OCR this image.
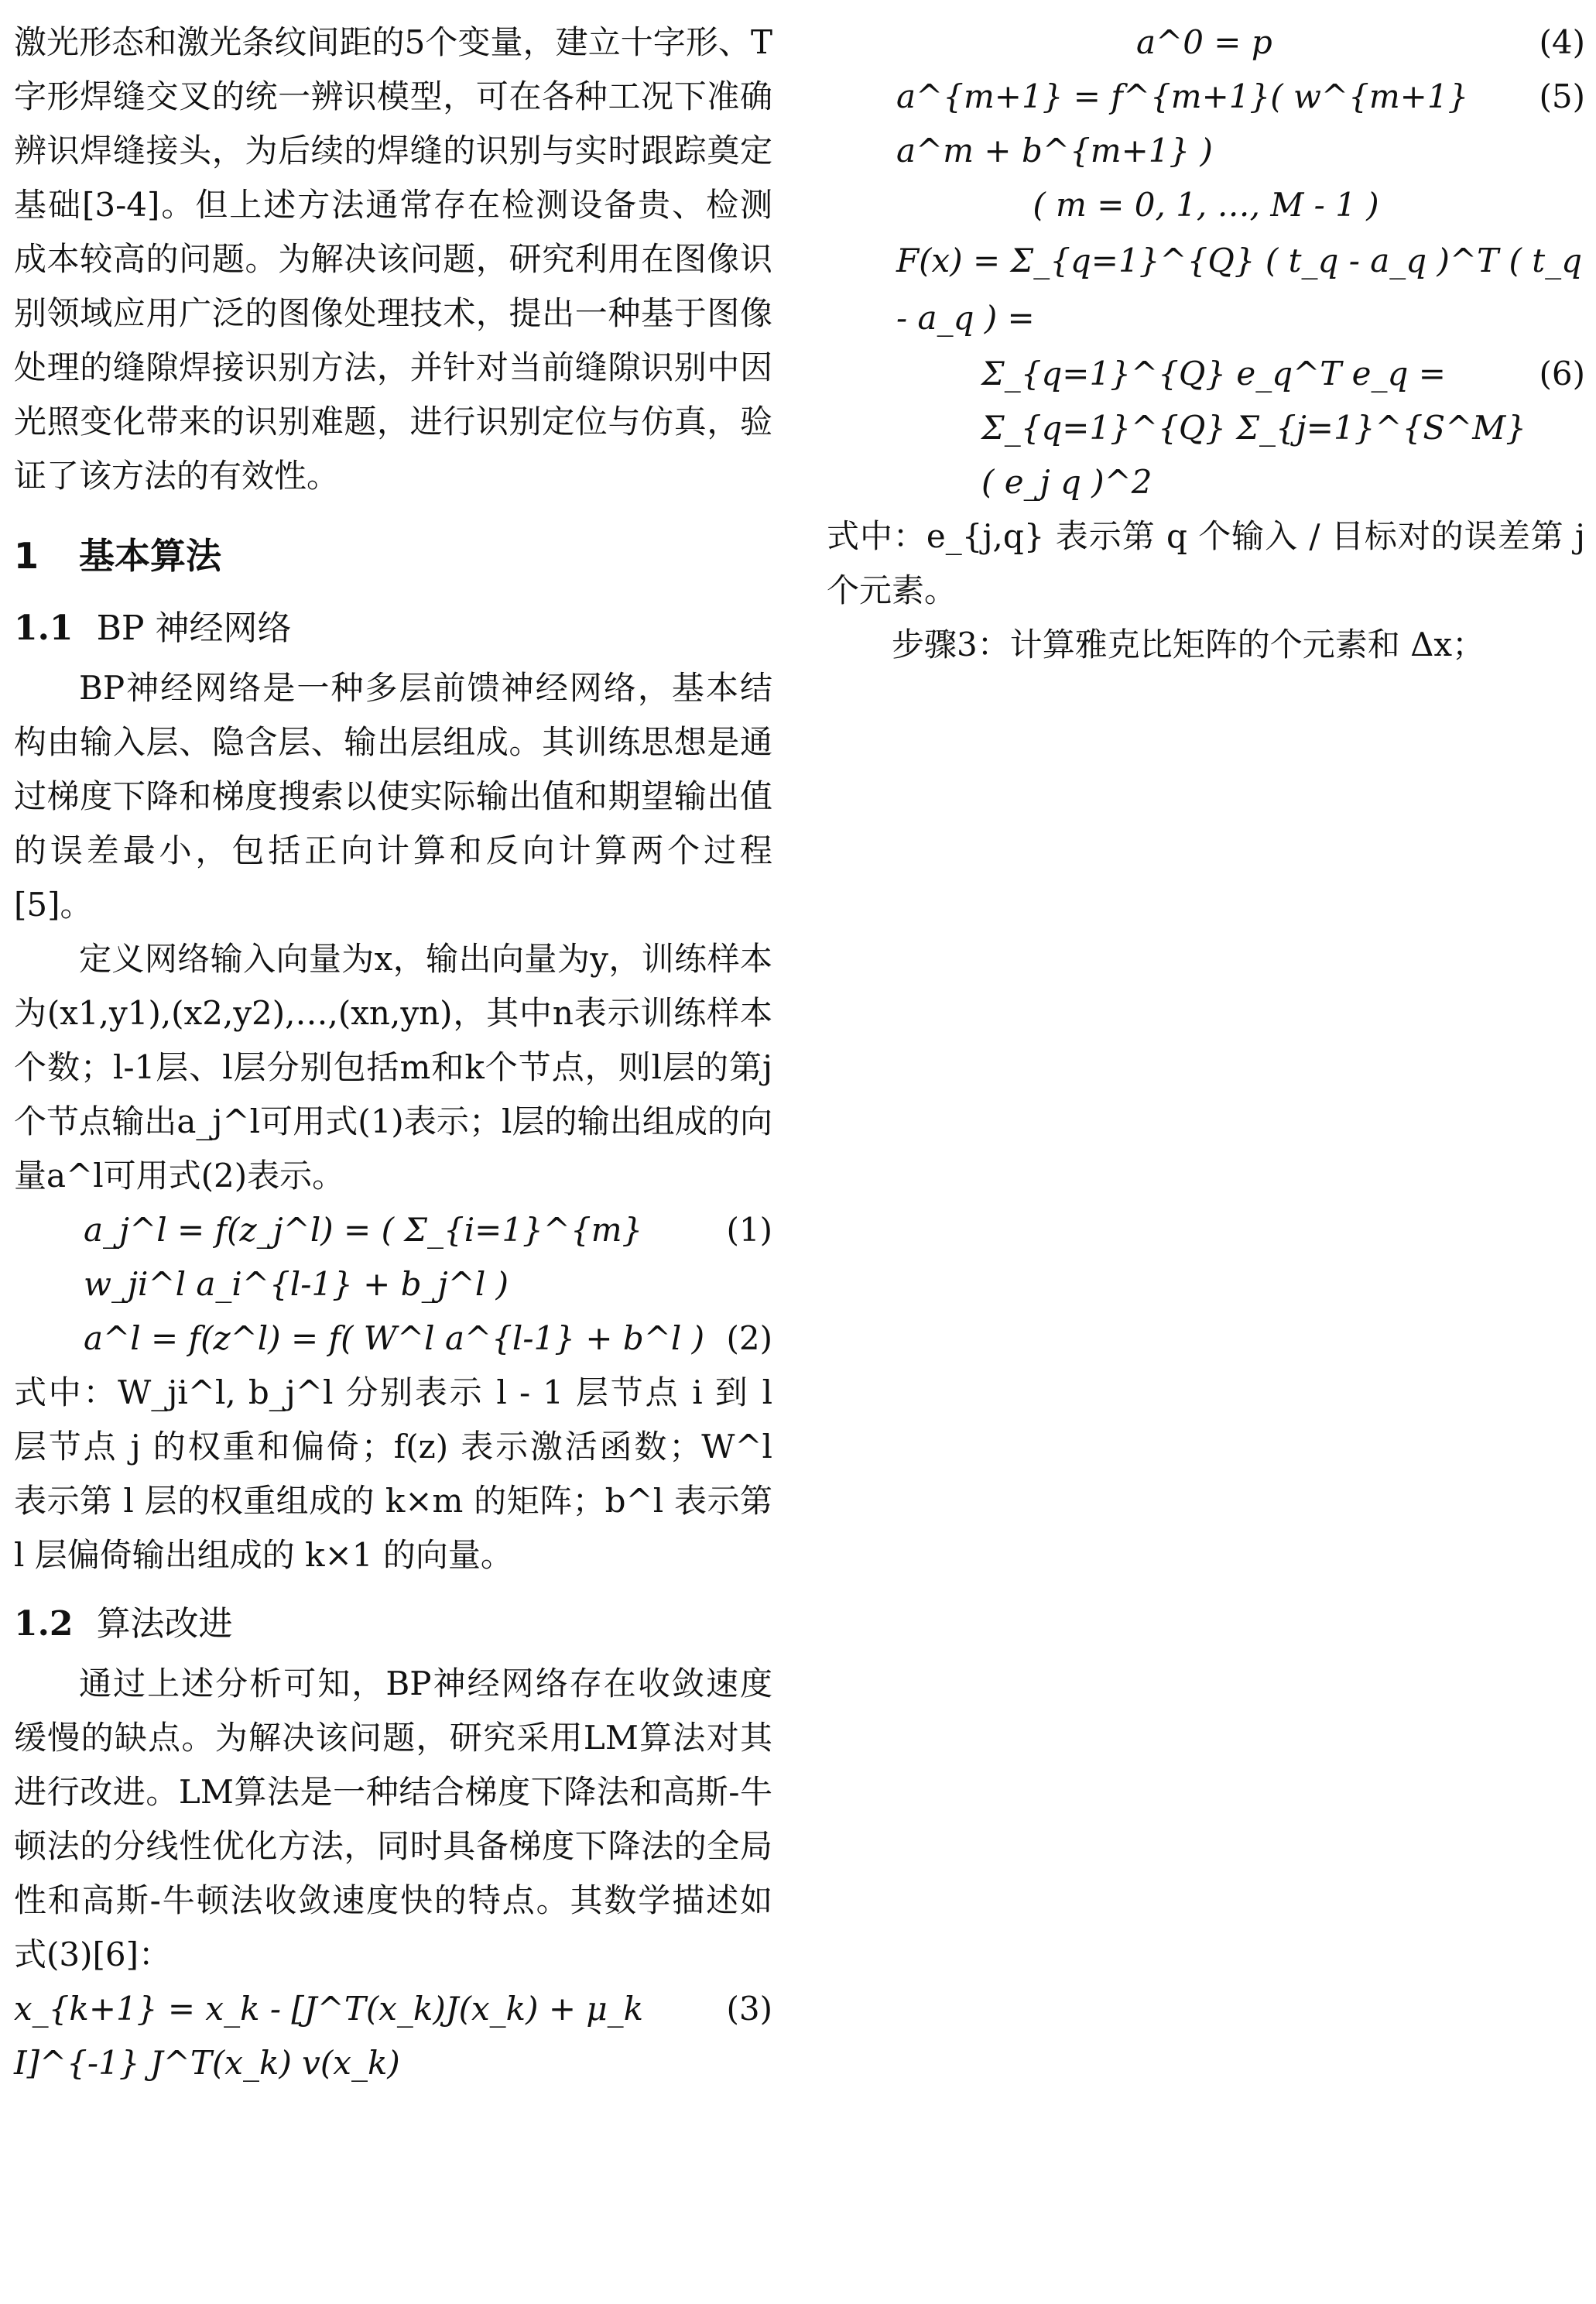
激光形态和激光条纹间距的5个变量，建立十字形、T字形焊缝交叉的统一辨识模型，可在各种工况下准确辨识焊缝接头，为后续的焊缝的识别与实时跟踪奠定基础[3-4]。但上述方法通常存在检测设备贵、检测成本较高的问题。为解决该问题，研究利用在图像识别领域应用广泛的图像处理技术，提出一种基于图像处理的缝隙焊接识别方法，并针对当前缝隙识别中因光照变化带来的识别难题，进行识别定位与仿真，验证了该方法的有效性。

1 基本算法
1.1 BP 神经网络

BP神经网络是一种多层前馈神经网络，基本结构由输入层、隐含层、输出层组成。其训练思想是通过梯度下降和梯度搜索以使实际输出值和期望输出值的误差最小，包括正向计算和反向计算两个过程[5]。

定义网络输入向量为x，输出向量为y，训练样本为(x1,y1),(x2,y2),…,(xn,yn)，其中n表示训练样本个数；l-1层、l层分别包括m和k个节点，则l层的第j个节点输出a_j^l可用式(1)表示；l层的输出组成的向量a^l可用式(2)表示。

a_j^l = f(z_j^l) = ( Σ_{i=1}^{m} w_ji^l a_i^{l-1} + b_j^l )
(1)
a^l = f(z^l) = f( W^l a^{l-1} + b^l ) (2)

式中：W_ji^l, b_j^l 分别表示 l - 1 层节点 i 到 l 层节点 j 的权重和偏倚；f(z) 表示激活函数；W^l 表示第 l 层的权重组成的 k×m 的矩阵；b^l 表示第 l 层偏倚输出组成的 k×1 的向量。

1.2 算法改进

通过上述分析可知，BP神经网络存在收敛速度缓慢的缺点。为解决该问题，研究采用LM算法对其进行改进。LM算法是一种结合梯度下降法和高斯-牛顿法的分线性优化方法，同时具备梯度下降法的全局性和高斯-牛顿法收敛速度快的特点。其数学描述如式(3)[6]：

x_{k+1} = x_k - [J^T(x_k)J(x_k) + μ_k I]^{-1} J^T(x_k) v(x_k)
(3)
a^0 = p	(4)
a^{m+1} = f^{m+1}( w^{m+1} a^m + b^{m+1} )
(5)
( m = 0, 1, …, M - 1 )
F(x) = Σ_{q=1}^{Q} ( t_q - a_q )^T ( t_q - a_q ) =
Σ_{q=1}^{Q} e_q^T e_q = Σ_{q=1}^{Q} Σ_{j=1}^{S^M} ( e_j q )^2
(6)

式中：e_{j,q} 表示第 q 个输入 / 目标对的误差第 j 个元素。

步骤3：计算雅克比矩阵的个元素和 Δx；
